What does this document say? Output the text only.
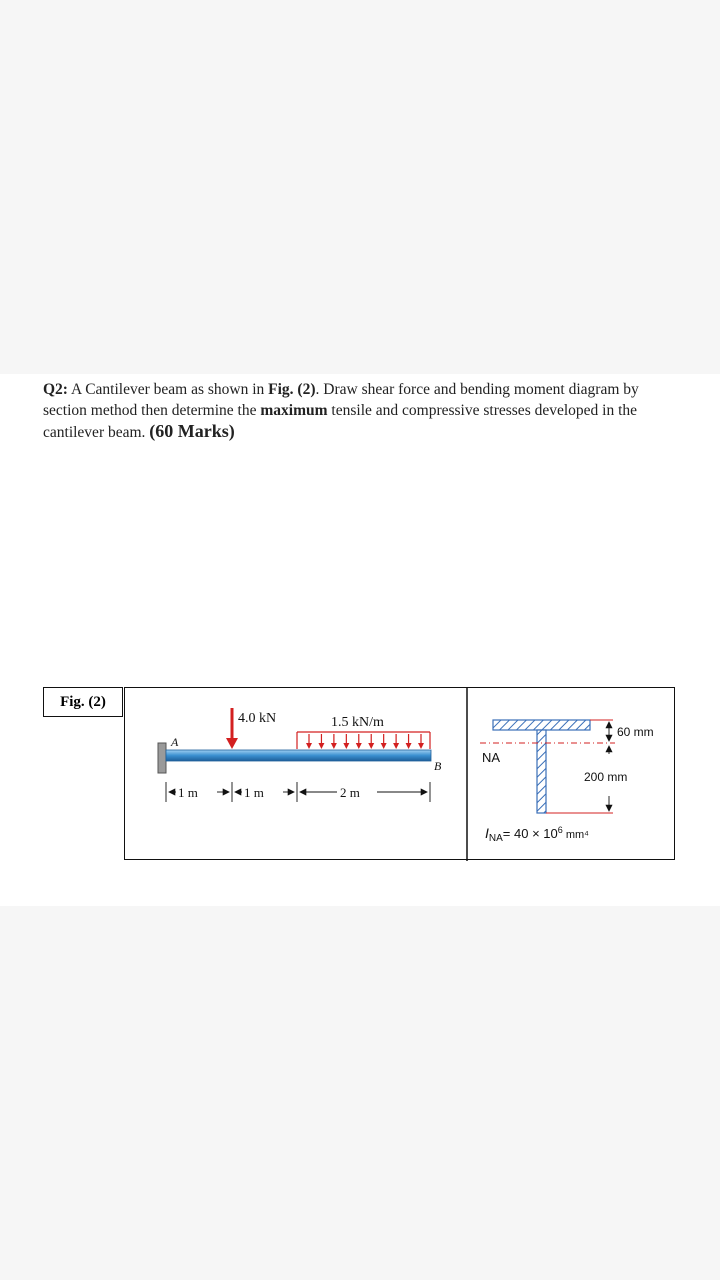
Q2: A Cantilever beam as shown in Fig. (2). Draw shear force and bending moment diagram by section method then determine the maximum tensile and compressive stresses developed in the cantilever beam. (60 Marks)
Fig. (2)
A
B
4.0 kN	1.5 kN/m
1 m	1 m	2 m
NA
60 mm
200 mm
$I_{NA}= 40 \times 10^6$ $_{mm^4}$
